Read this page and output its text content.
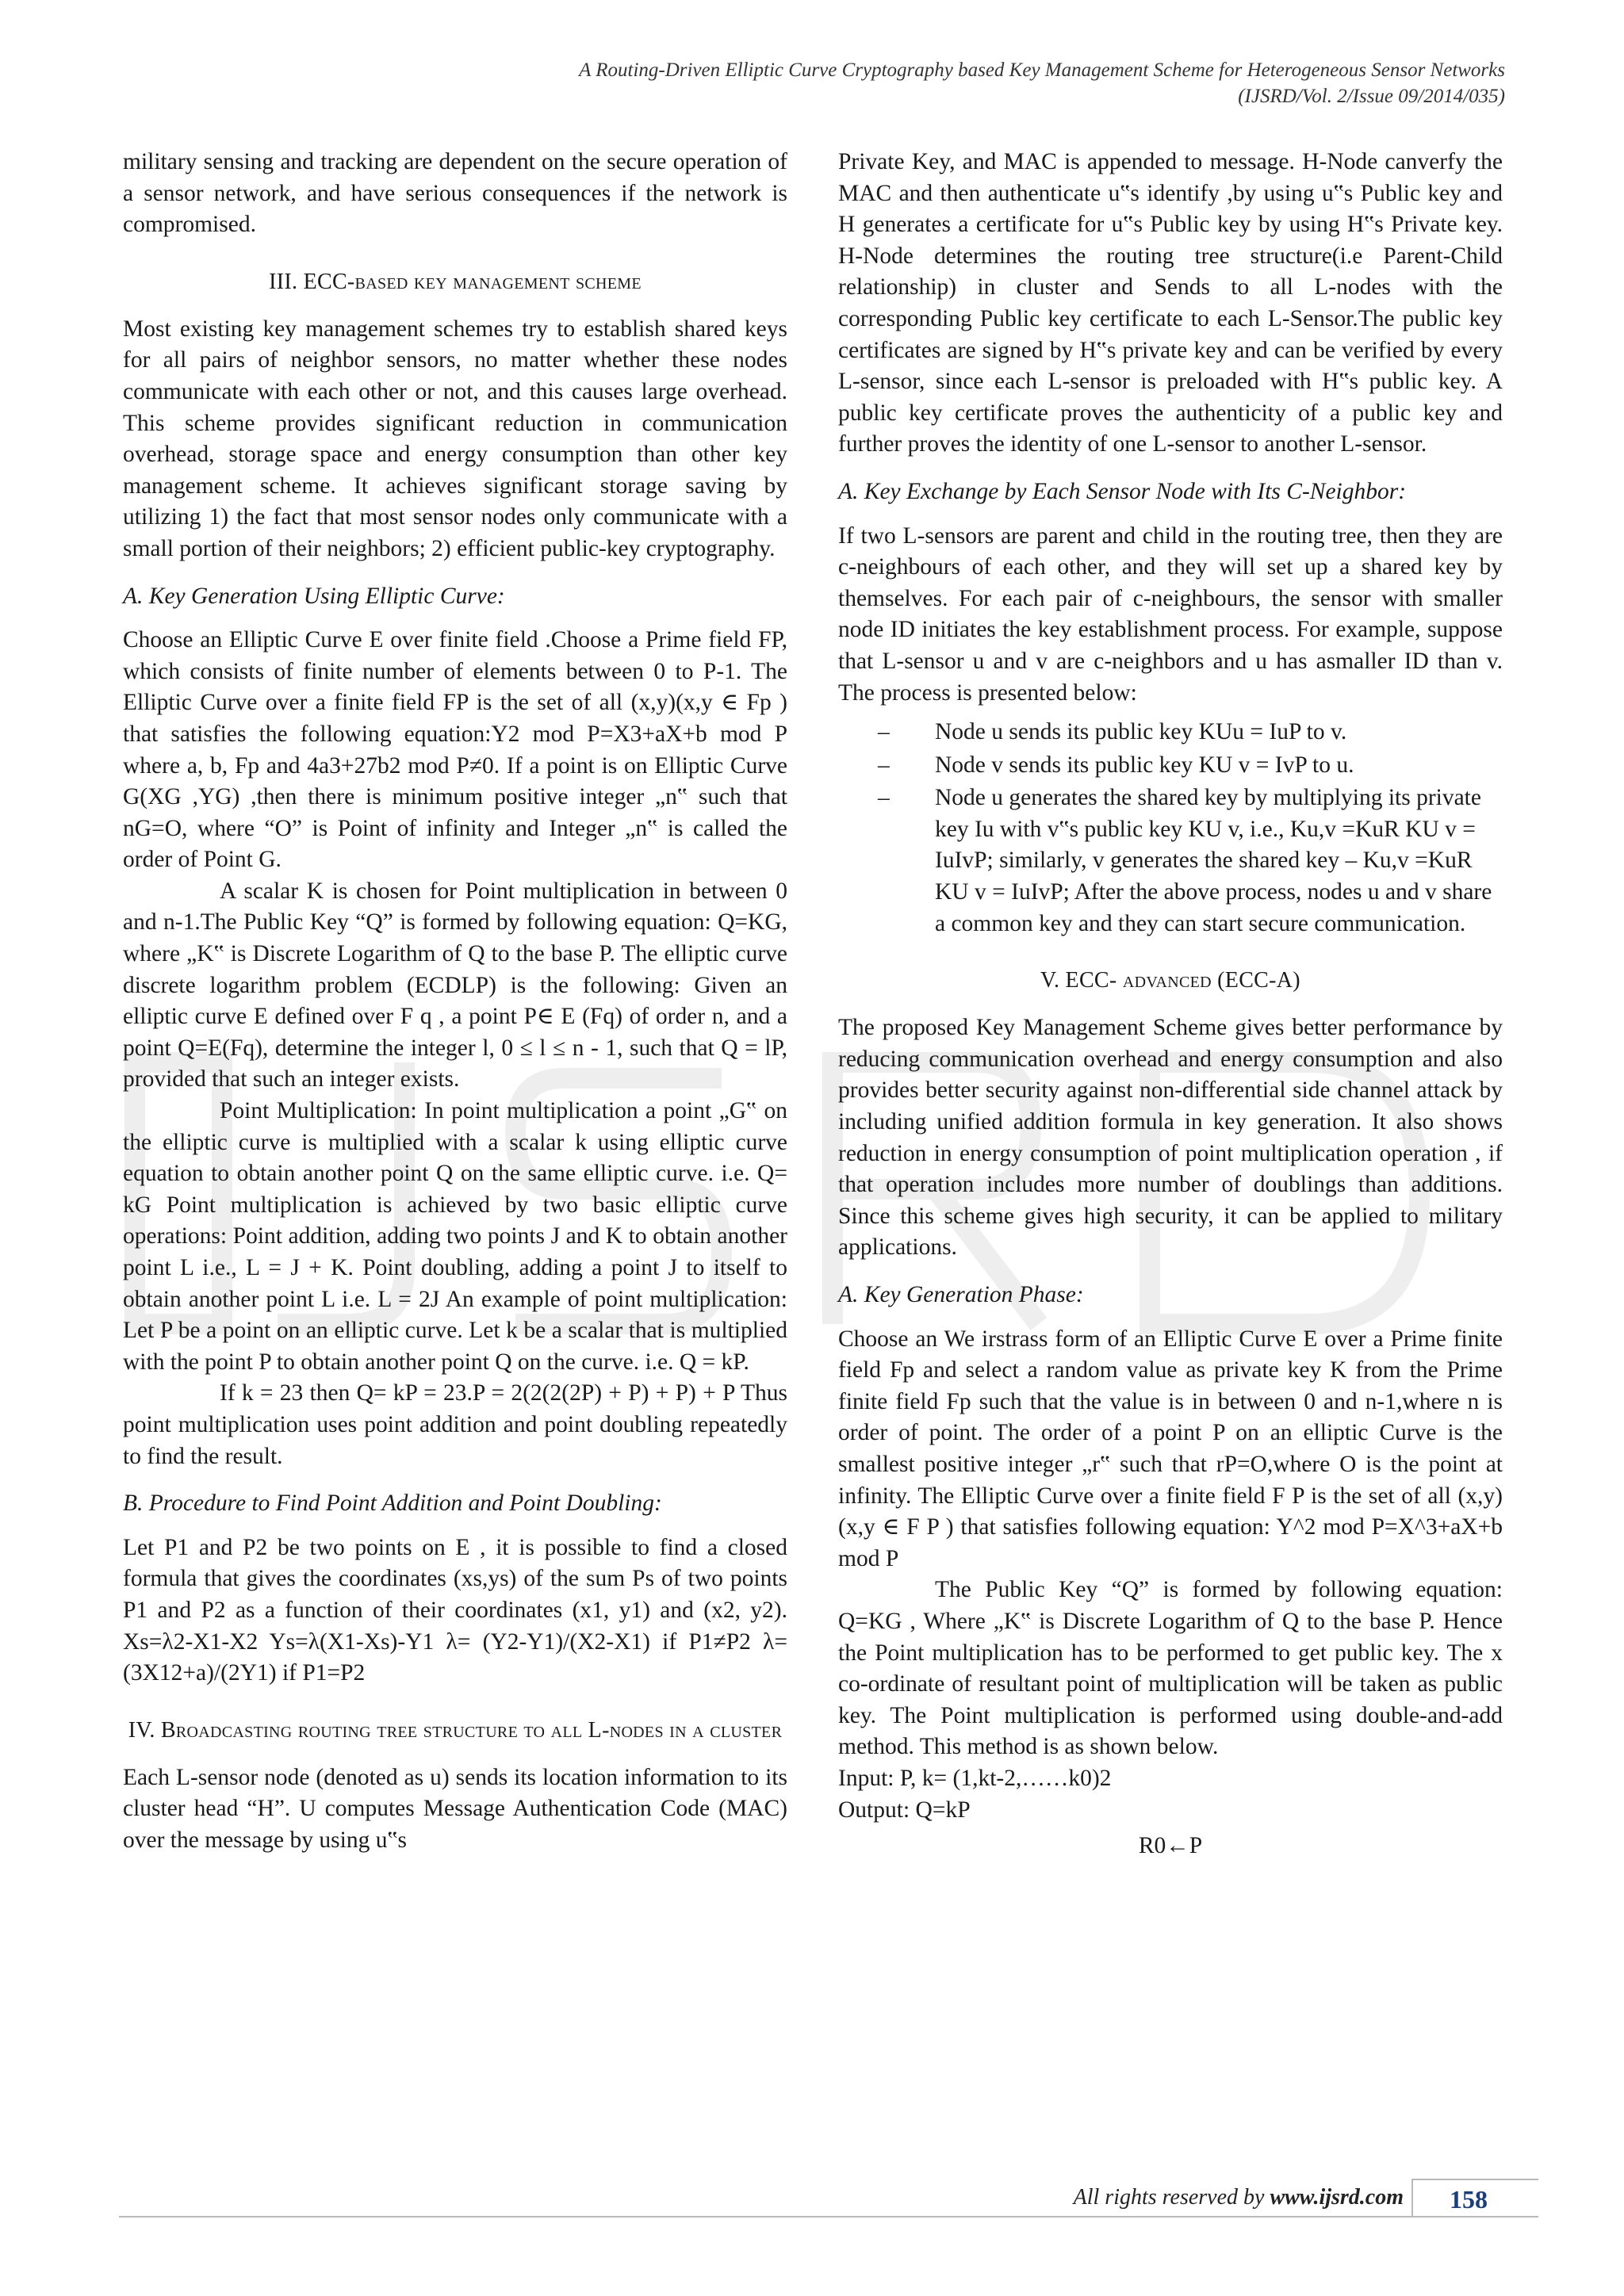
A Routing-Driven Elliptic Curve Cryptography based Key Management Scheme for Heterogeneous Sensor Networks
(IJSRD/Vol. 2/Issue 09/2014/035)

military sensing and tracking are dependent on the secure operation of a sensor network, and have serious consequences if the network is compromised.

III. ECC-based key management scheme

Most existing key management schemes try to establish shared keys for all pairs of neighbor sensors, no matter whether these nodes communicate with each other or not, and this causes large overhead. This scheme provides significant reduction in communication overhead, storage space and energy consumption than other key management scheme. It achieves significant storage saving by utilizing 1) the fact that most sensor nodes only communicate with a small portion of their neighbors; 2) efficient public-key cryptography.

A. Key Generation Using Elliptic Curve:

Choose an Elliptic Curve E over finite field .Choose a Prime field FP, which consists of finite number of elements between 0 to P-1. The Elliptic Curve over a finite field FP is the set of all (x,y)(x,y ∈ Fp ) that satisfies the following equation:Y2 mod P=X3+aX+b mod P where a, b, Fp and 4a3+27b2 mod P≠0. If a point is on Elliptic Curve G(XG ,YG) ,then there is minimum positive integer „n‟ such that nG=O, where “O” is Point of infinity and Integer „n‟ is called the order of Point G.

A scalar K is chosen for Point multiplication in between 0 and n-1.The Public Key “Q” is formed by following equation: Q=KG, where „K‟ is Discrete Logarithm of Q to the base P. The elliptic curve discrete logarithm problem (ECDLP) is the following: Given an elliptic curve E defined over F q , a point P∈ E (Fq) of order n, and a point Q=E(Fq), determine the integer l, 0 ≤ l ≤ n - 1, such that Q = lP, provided that such an integer exists.

Point Multiplication: In point multiplication a point „G‟ on the elliptic curve is multiplied with a scalar k using elliptic curve equation to obtain another point Q on the same elliptic curve. i.e. Q= kG Point multiplication is achieved by two basic elliptic curve operations: Point addition, adding two points J and K to obtain another point L i.e., L = J + K. Point doubling, adding a point J to itself to obtain another point L i.e. L = 2J An example of point multiplication: Let P be a point on an elliptic curve. Let k be a scalar that is multiplied with the point P to obtain another point Q on the curve. i.e. Q = kP.

If k = 23 then Q= kP = 23.P = 2(2(2(2P) + P) + P) + P Thus point multiplication uses point addition and point doubling repeatedly to find the result.

B. Procedure to Find Point Addition and Point Doubling:

Let P1 and P2 be two points on E , it is possible to find a closed formula that gives the coordinates (xs,ys) of the sum Ps of two points P1 and P2 as a function of their coordinates (x1, y1) and (x2, y2). Xs=λ2-X1-X2 Ys=λ(X1-Xs)-Y1 λ= (Y2-Y1)/(X2-X1) if P1≠P2 λ=(3X12+a)/(2Y1) if P1=P2

IV. Broadcasting routing tree structure to all L-nodes in a cluster

Each L-sensor node (denoted as u) sends its location information to its cluster head “H”. U computes Message Authentication Code (MAC) over the message by using u‟s

Private Key, and MAC is appended to message. H-Node canverfy the MAC and then authenticate u‟s identify ,by using u‟s Public key and H generates a certificate for u‟s Public key by using H‟s Private key. H-Node determines the routing tree structure(i.e Parent-Child relationship) in cluster and Sends to all L-nodes with the corresponding Public key certificate to each L-Sensor.The public key certificates are signed by H‟s private key and can be verified by every L-sensor, since each L-sensor is preloaded with H‟s public key. A public key certificate proves the authenticity of a public key and further proves the identity of one L-sensor to another L-sensor.

A. Key Exchange by Each Sensor Node with Its C-Neighbor:

If two L-sensors are parent and child in the routing tree, then they are c-neighbours of each other, and they will set up a shared key by themselves. For each pair of c-neighbours, the sensor with smaller node ID initiates the key establishment process. For example, suppose that L-sensor u and v are c-neighbors and u has asmaller ID than v. The process is presented below:

– Node u sends its public key KUu = IuP to v.
– Node v sends its public key KU v = IvP to u.
– Node u generates the shared key by multiplying its private key Iu with v‟s public key KU v, i.e., Ku,v =KuR KU v = IuIvP; similarly, v generates the shared key – Ku,v =KuR KU v = IuIvP; After the above process, nodes u and v share a common key and they can start secure communication.
V. ECC- advanced (ECC-A)

The proposed Key Management Scheme gives better performance by reducing communication overhead and energy consumption and also provides better security against non-differential side channel attack by including unified addition formula in key generation. It also shows reduction in energy consumption of point multiplication operation , if that operation includes more number of doublings than additions. Since this scheme gives high security, it can be applied to military applications.

A. Key Generation Phase:

Choose an We irstrass form of an Elliptic Curve E over a Prime finite field Fp and select a random value as private key K from the Prime finite field Fp such that the value is in between 0 and n-1,where n is order of point. The order of a point P on an elliptic Curve is the smallest positive integer „r‟ such that rP=O,where O is the point at infinity. The Elliptic Curve over a finite field F P is the set of all (x,y)(x,y ∈ F P ) that satisfies following equation: Y^2 mod P=X^3+aX+b mod P

The Public Key “Q” is formed by following equation: Q=KG , Where „K‟ is Discrete Logarithm of Q to the base P. Hence the Point multiplication has to be performed to get public key. The x co-ordinate of resultant point of multiplication will be taken as public key. The Point multiplication is performed using double-and-add method. This method is as shown below.

Input: P, k= (1,kt-2,……k0)2

Output: Q=kP

R0←P

All rights reserved by www.ijsrd.com	158
